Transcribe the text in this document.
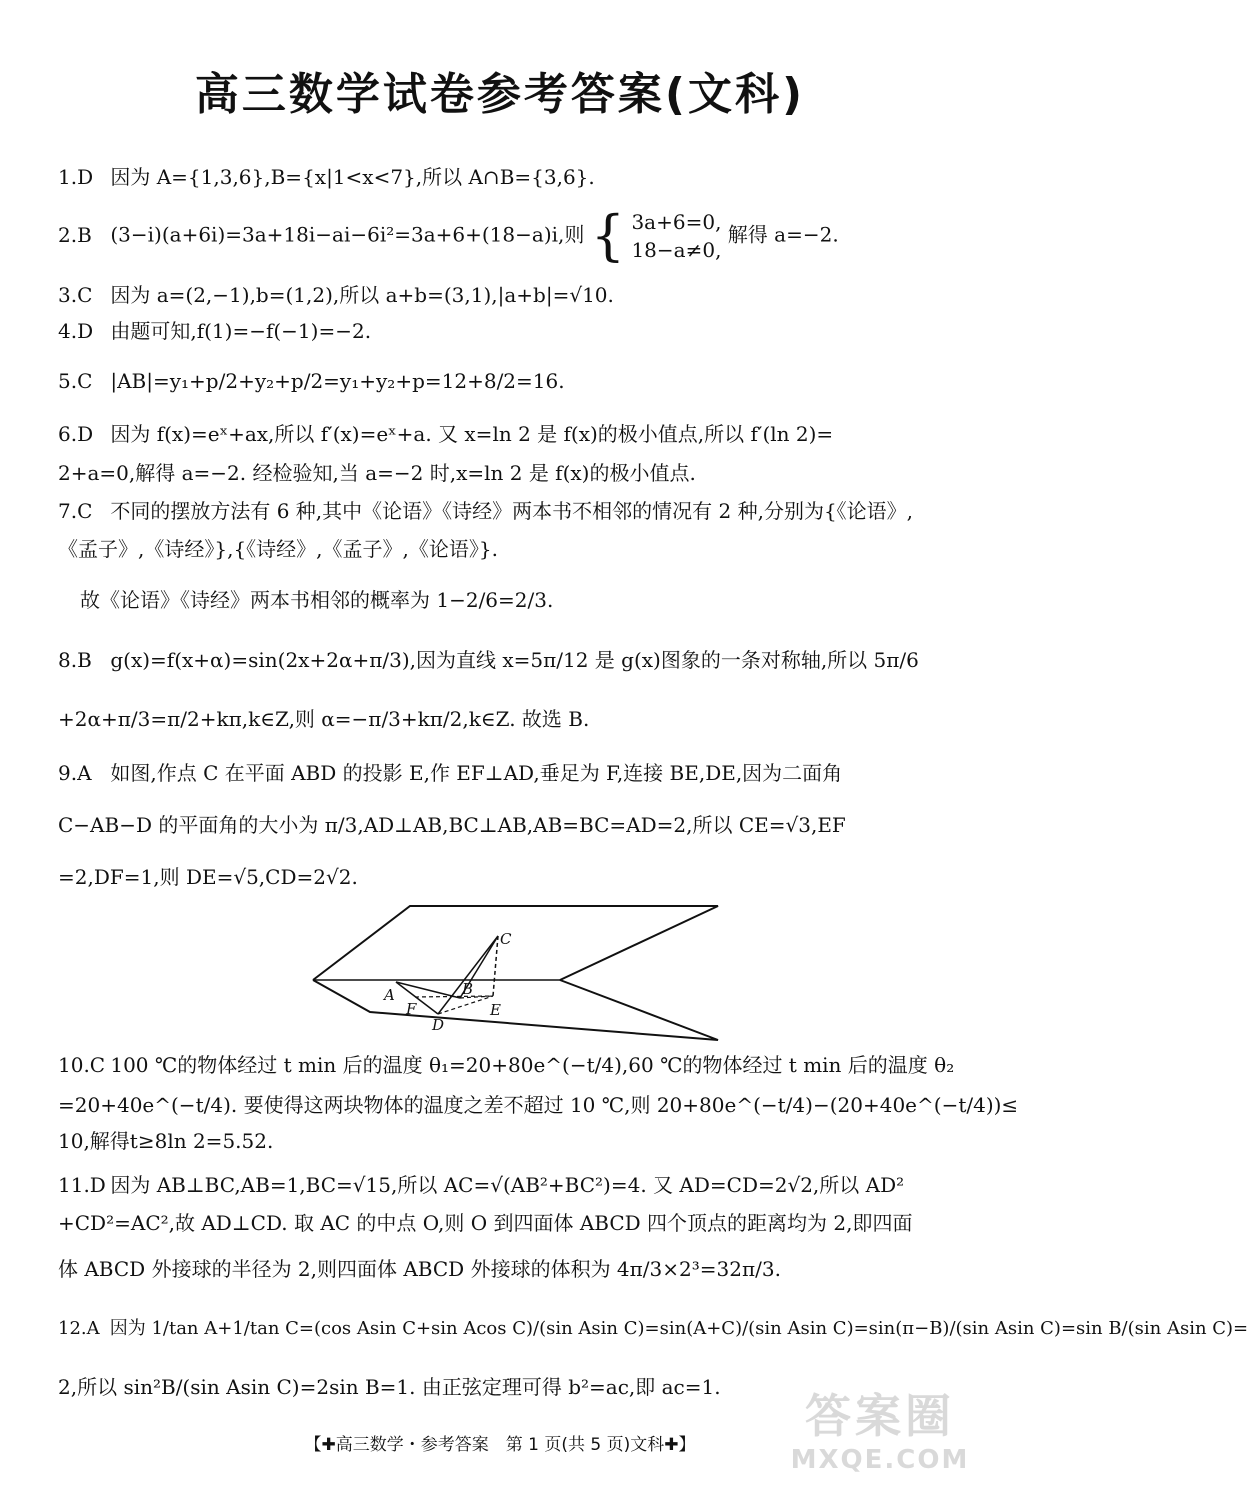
高三数学试卷参考答案(文科)
1.D 因为 A={1,3,6},B={x|1<x<7},所以 A∩B={3,6}.
2.B (3−i)(a+6i)=3a+18i−ai−6i²=3a+6+(18−a)i,则 { 3a+6=0,
18−a≠0,
解得 a=−2.
3.C 因为 a=(2,−1),b=(1,2),所以 a+b=(3,1),|a+b|=√10.
4.D 由题可知,f(1)=−f(−1)=−2.
5.C |AB|=y₁+p/2+y₂+p/2=y₁+y₂+p=12+8/2=16.
6.D 因为 f(x)=eˣ+ax,所以 f′(x)=eˣ+a. 又 x=ln 2 是 f(x)的极小值点,所以 f′(ln 2)=
2+a=0,解得 a=−2. 经检验知,当 a=−2 时,x=ln 2 是 f(x)的极小值点.
7.C 不同的摆放方法有 6 种,其中《论语》《诗经》两本书不相邻的情况有 2 种,分别为{《论语》,
《孟子》,《诗经》},{《诗经》,《孟子》,《论语》}.
故《论语》《诗经》两本书相邻的概率为 1−2/6=2/3.
8.B g(x)=f(x+α)=sin(2x+2α+π/3),因为直线 x=5π/12 是 g(x)图象的一条对称轴,所以 5π/6
+2α+π/3=π/2+kπ,k∈Z,则 α=−π/3+kπ/2,k∈Z. 故选 B.
9.A 如图,作点 C 在平面 ABD 的投影 E,作 EF⊥AD,垂足为 F,连接 BE,DE,因为二面角
C−AB−D 的平面角的大小为 π/3,AD⊥AB,BC⊥AB,AB=BC=AD=2,所以 CE=√3,EF
=2,DF=1,则 DE=√5,CD=2√2.
C
A	B
F
D
E
10.C 100 ℃的物体经过 t min 后的温度 θ₁=20+80e^(−t/4),60 ℃的物体经过 t min 后的温度 θ₂
=20+40e^(−t/4). 要使得这两块物体的温度之差不超过 10 ℃,则 20+80e^(−t/4)−(20+40e^(−t/4))≤
10,解得t≥8ln 2=5.52.
11.D 因为 AB⊥BC,AB=1,BC=√15,所以 AC=√(AB²+BC²)=4. 又 AD=CD=2√2,所以 AD²
+CD²=AC²,故 AD⊥CD. 取 AC 的中点 O,则 O 到四面体 ABCD 四个顶点的距离均为 2,即四面
体 ABCD 外接球的半径为 2,则四面体 ABCD 外接球的体积为 4π/3×2³=32π/3.
12.A 因为 1/tan A+1/tan C=(cos Asin C+sin Acos C)/(sin Asin C)=sin(A+C)/(sin Asin C)=sin(π−B)/(sin Asin C)=sin B/(sin Asin C)=
2,所以 sin²B/(sin Asin C)=2sin B=1. 由正弦定理可得 b²=ac,即 ac=1.
【✚高三数学・参考答案　第 1 页(共 5 页)文科✚】
答案圈
MXQE.COM
